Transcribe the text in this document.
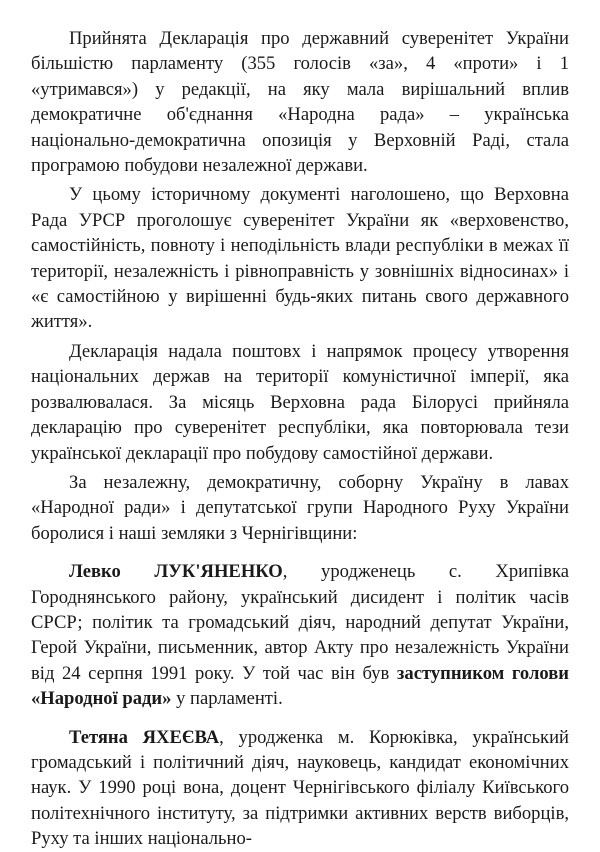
Прийнята Декларація про державний суверенітет України більшістю парламенту (355 голосів «за», 4 «проти» і 1 «утримався») у редакції, на яку мала вирішальний вплив демократичне об'єднання «Народна рада» – українська національно-демократична опозиція у Верховній Раді, стала програмою побудови незалежної держави.

У цьому історичному документі наголошено, що Верховна Рада УРСР проголошує суверенітет України як «верховенство, самостійність, повноту і неподільність влади республіки в межах її території, незалежність і рівноправність у зовнішніх відносинах» і «є самостійною у вирішенні будь-яких питань свого державного життя».

Декларація надала поштовх і напрямок процесу утворення національних держав на території комуністичної імперії, яка розвалювалася. За місяць Верховна рада Білорусі прийняла декларацію про суверенітет республіки, яка повторювала тези української декларації про побудову самостійної держави.

За незалежну, демократичну, соборну Україну в лавах «Народної ради» і депутатської групи Народного Руху України боролися і наші земляки з Чернігівщини:

Левко ЛУК'ЯНЕНКО, уродженець с. Хрипівка Городнянського району, український дисидент і політик часів СРСР; політик та громадський діяч, народний депутат України, Герой України, письменник, автор Акту про незалежність України від 24 серпня 1991 року. У той час він був заступником голови «Народної ради» у парламенті.

Тетяна ЯХЕЄВА, уродженка м. Корюківка, український громадський і політичний діяч, науковець, кандидат економічних наук. У 1990 році вона, доцент Чернігівського філіалу Київського політехнічного інституту, за підтримки активних верств виборців, Руху та інших національно-
